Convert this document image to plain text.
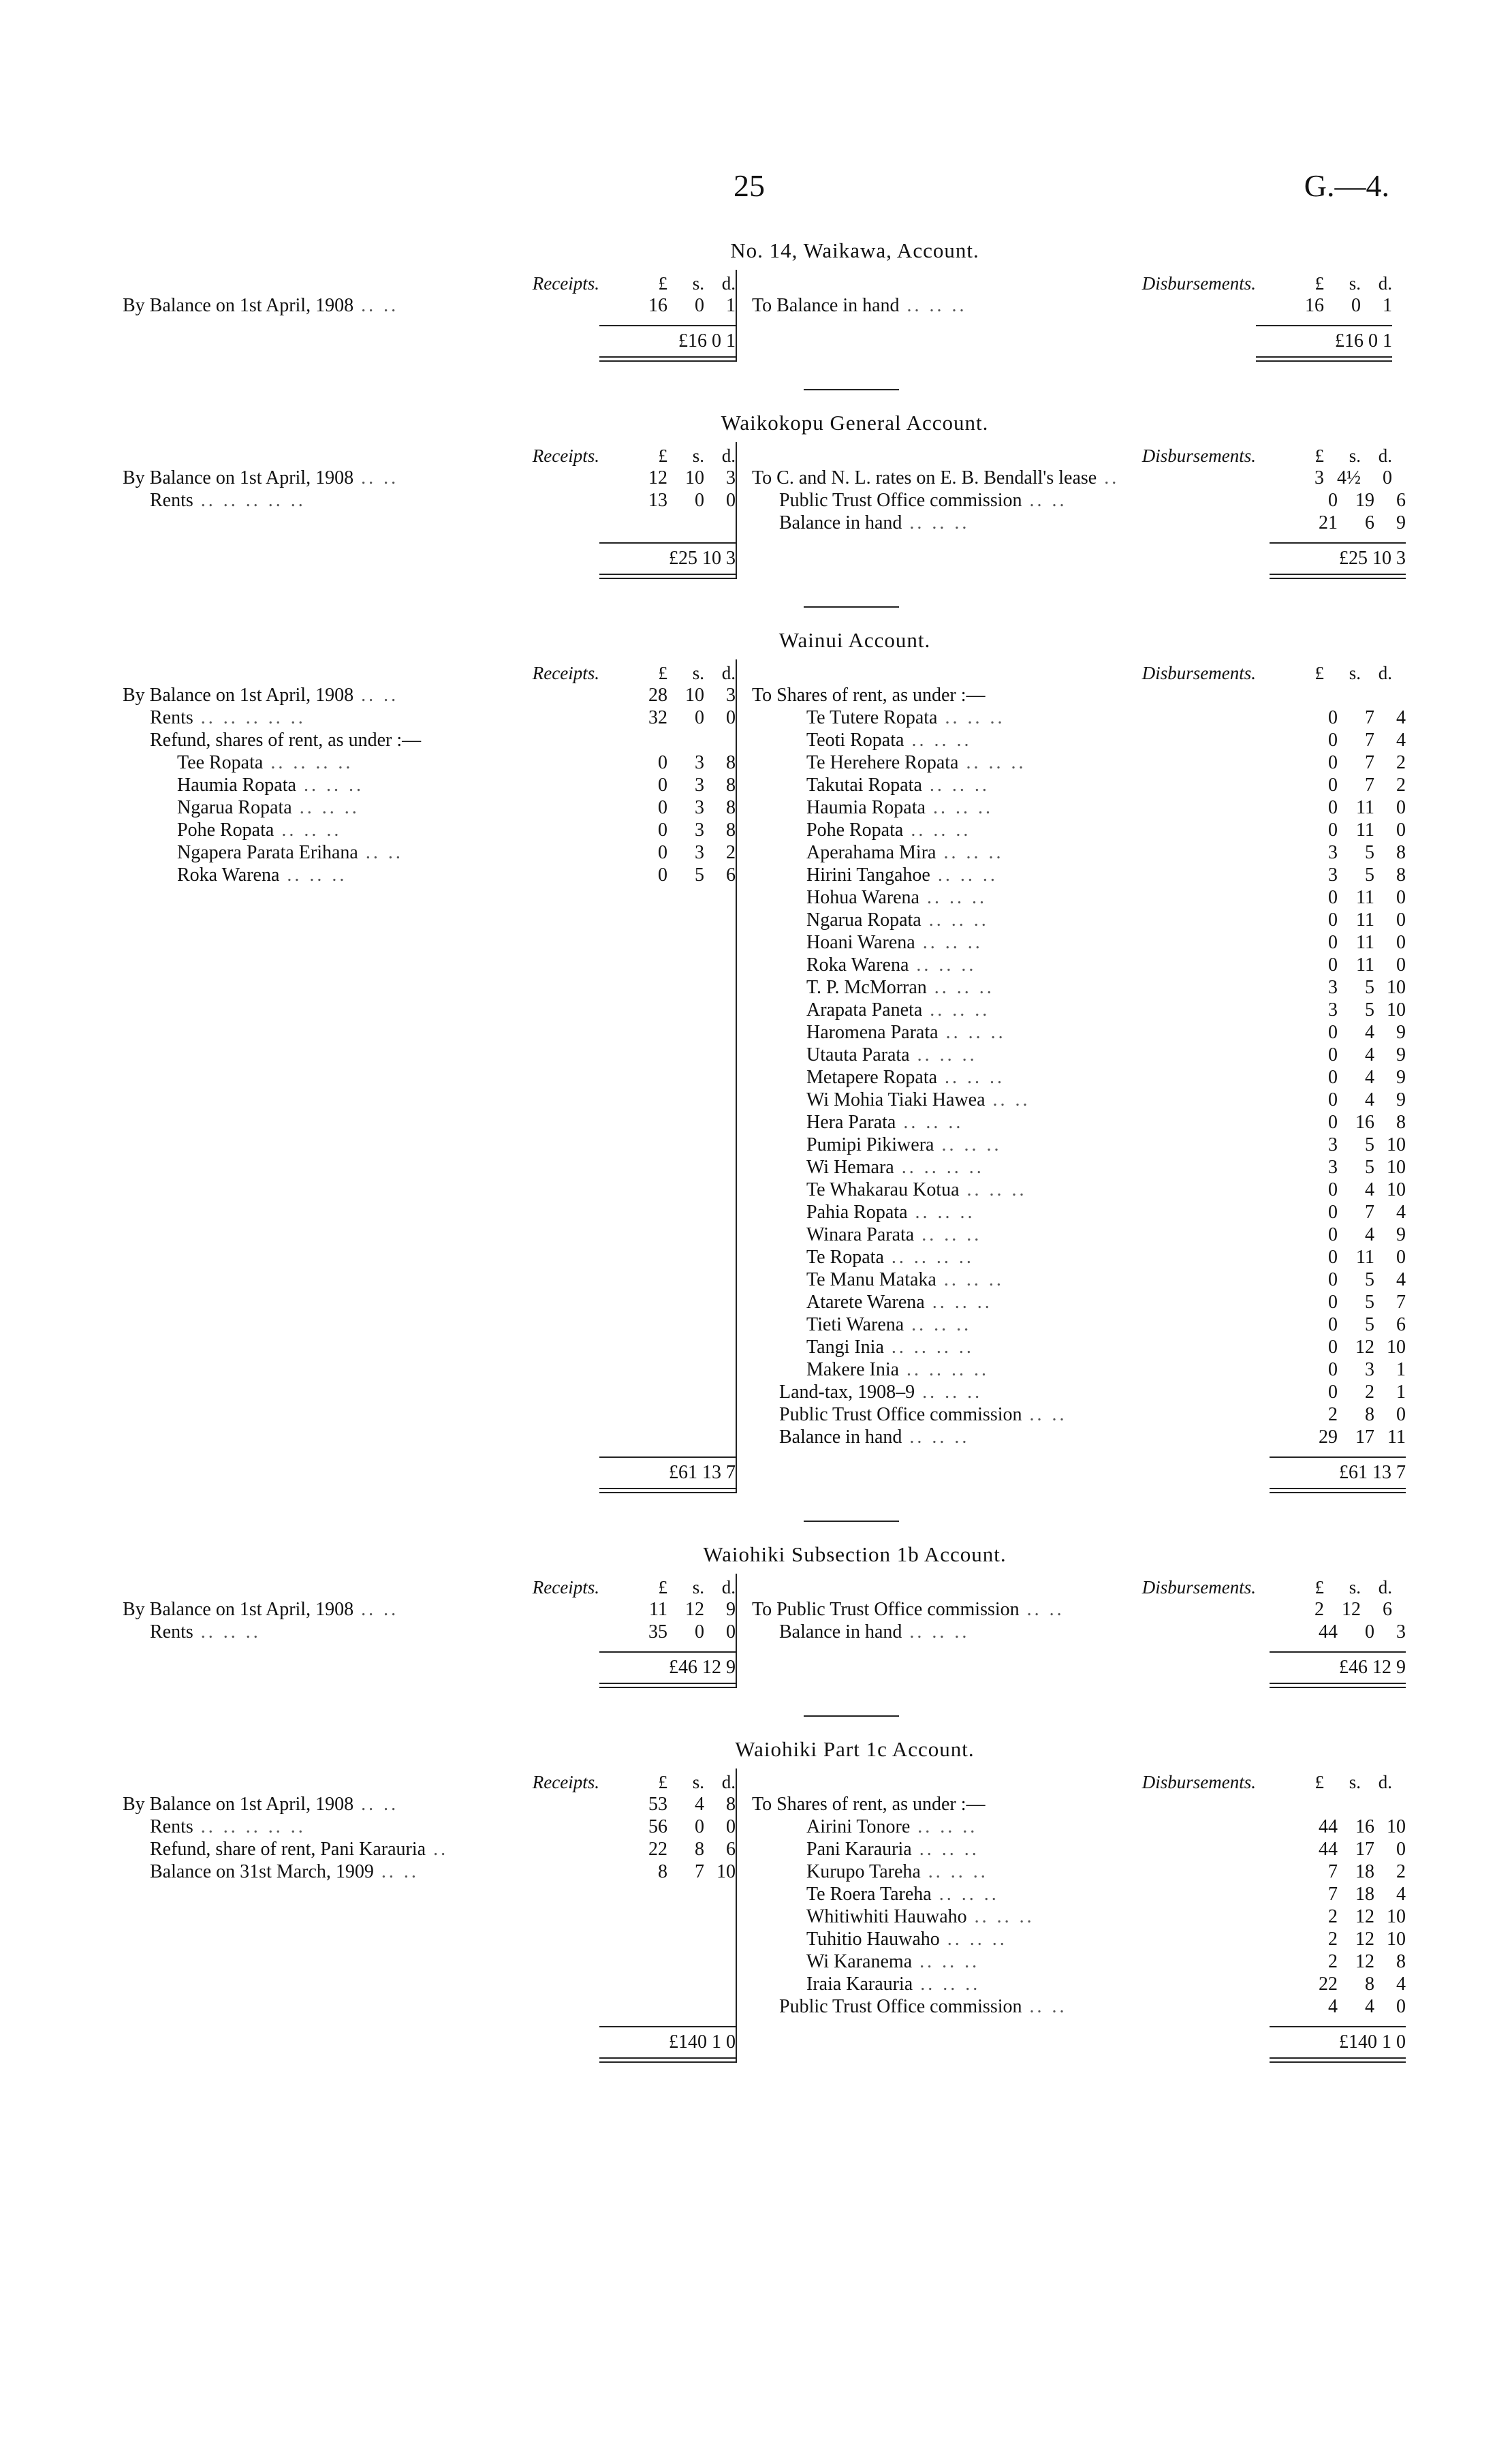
25	G.—4.
No. 14, Waikawa, Account.
Receipts.	£	s. d.
By Balance on 1st April, 1908 .. ..	16	0	1
£16 0 1
Disbursements.	£	s. d.
To Balance in hand .. .. ..	16	0	1
£16 0 1
Waikokopu General Account.
Receipts.	£	s. d.
By Balance on 1st April, 1908 .. ..	12 10	3
Rents .. .. .. .. ..	13	0	0
£25 10 3
Disbursements.	£	s. d.
To C. and N. L. rates on E. B. Bendall's lease ..	3 4½	0
Public Trust Office commission .. ..	0 19	6
Balance in hand .. .. ..	21	6	9
£25 10 3
Wainui Account.
Receipts.	£	s. d.
By Balance on 1st April, 1908 .. ..	28 10	3
Rents .. .. .. .. ..	32	0	0
Refund, shares of rent, as under :—
Tee Ropata .. .. .. ..	0	3	8
Haumia Ropata .. .. ..	0	3	8
Ngarua Ropata .. .. ..	0	3	8
Pohe Ropata .. .. ..	0	3	8
Ngapera Parata Erihana .. ..	0	3	2
Roka Warena .. .. ..	0	5	6
£61 13 7
Disbursements.	£	s. d.
To Shares of rent, as under :—
Te Tutere Ropata .. .. ..	0	7	4
Teoti Ropata .. .. ..	0	7	4
Te Herehere Ropata .. .. ..	0	7	2
Takutai Ropata .. .. ..	0	7	2
Haumia Ropata .. .. ..	0 11	0
Pohe Ropata .. .. ..	0 11	0
Aperahama Mira .. .. ..	3	5	8
Hirini Tangahoe .. .. ..	3	5	8
Hohua Warena .. .. ..	0 11	0
Ngarua Ropata .. .. ..	0 11	0
Hoani Warena .. .. ..	0 11	0
Roka Warena .. .. ..	0 11	0
T. P. McMorran .. .. ..	3	5 10
Arapata Paneta .. .. ..	3	5 10
Haromena Parata .. .. ..	0	4	9
Utauta Parata .. .. ..	0	4	9
Metapere Ropata .. .. ..	0	4	9
Wi Mohia Tiaki Hawea .. ..	0	4	9
Hera Parata .. .. ..	0 16	8
Pumipi Pikiwera .. .. ..	3	5 10
Wi Hemara .. .. .. ..	3	5 10
Te Whakarau Kotua .. .. ..	0	4 10
Pahia Ropata .. .. ..	0	7	4
Winara Parata .. .. ..	0	4	9
Te Ropata .. .. .. ..	0 11	0
Te Manu Mataka .. .. ..	0	5	4
Atarete Warena .. .. ..	0	5	7
Tieti Warena .. .. ..	0	5	6
Tangi Inia .. .. .. ..	0 12 10
Makere Inia .. .. .. ..	0	3	1
Land-tax, 1908–9 .. .. ..	0	2	1
Public Trust Office commission .. ..	2	8	0
Balance in hand .. .. ..	29 17 11
£61 13 7
Waiohiki Subsection 1b Account.
Receipts.	£	s. d.
By Balance on 1st April, 1908 .. ..	11 12	9
Rents .. .. ..	35	0	0
£46 12 9
Disbursements.	£	s. d.
To Public Trust Office commission .. ..	2 12	6
Balance in hand .. .. ..	44	0	3
£46 12 9
Waiohiki Part 1c Account.
Receipts.	£	s. d.
By Balance on 1st April, 1908 .. ..	53	4	8
Rents .. .. .. .. ..	56	0	0
Refund, share of rent, Pani Karauria ..	22	8	6
Balance on 31st March, 1909 .. ..	8	7 10
£140 1 0
Disbursements.	£	s. d.
To Shares of rent, as under :—
Airini Tonore .. .. ..	44 16 10
Pani Karauria .. .. ..	44 17	0
Kurupo Tareha .. .. ..	7 18	2
Te Roera Tareha .. .. ..	7 18	4
Whitiwhiti Hauwaho .. .. ..	2 12 10
Tuhitio Hauwaho .. .. ..	2 12 10
Wi Karanema .. .. ..	2 12	8
Iraia Karauria .. .. ..	22	8	4
Public Trust Office commission .. ..	4	4	0
£140 1 0
